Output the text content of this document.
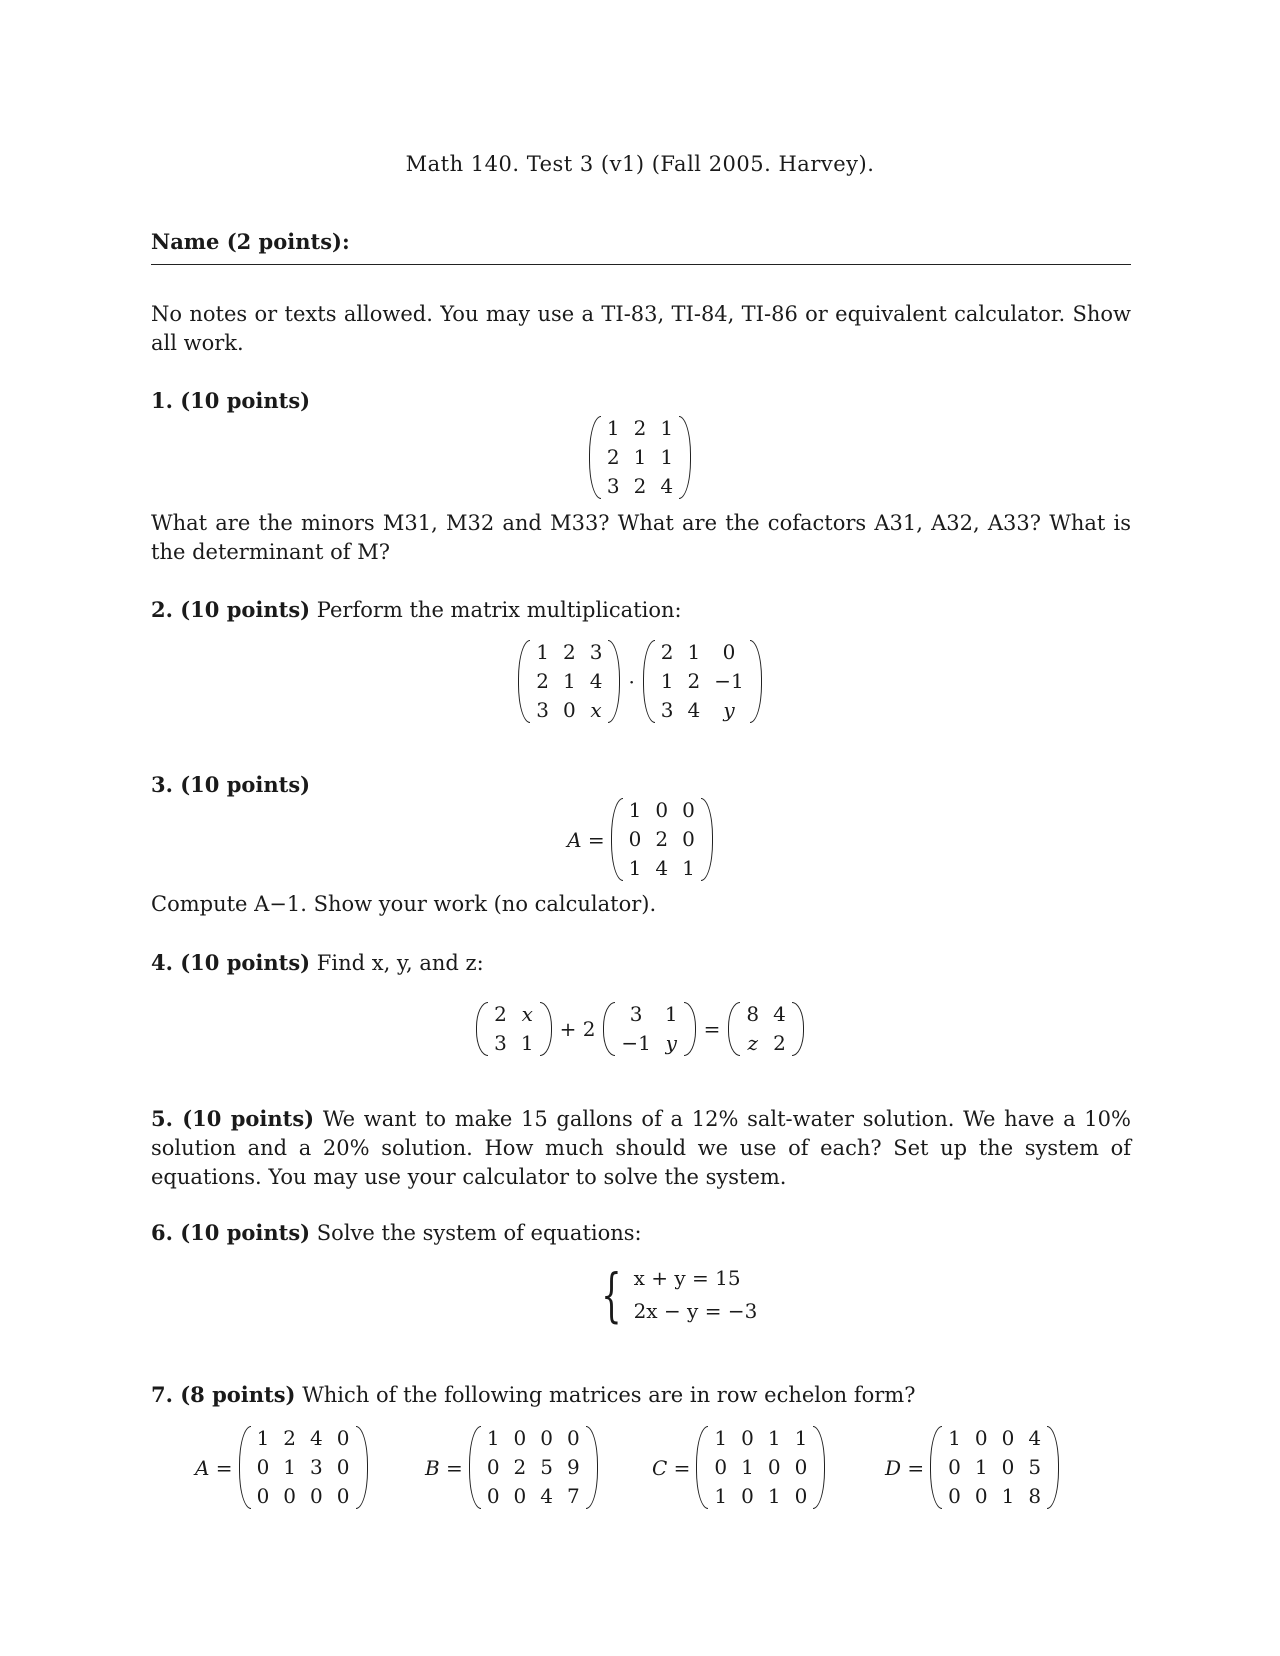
Math 140. Test 3 (v1) (Fall 2005. Harvey).
Name (2 points):
No notes or texts allowed. You may use a TI-83, TI-84, TI-86 or equivalent calculator. Show all work.
1. (10 points)
1	2	1
2	1	1
3	2	4
What are the minors M31, M32 and M33? What are the cofactors A31, A32, A33? What is the determinant of M?
2. (10 points) Perform the matrix multiplication:
1	2	3
2	1	4
3	0	x
·
2	1	0
1	2	−1
3	4	y
3. (10 points)
A =
1	0	0
0	2	0
1	4	1
Compute A−1. Show your work (no calculator).
4. (10 points) Find x, y, and z:
2	x
3	1
+ 2
3	1
−1	y
=
8	4
z	2
5. (10 points) We want to make 15 gallons of a 12% salt-water solution. We have a 10% solution and a 20% solution. How much should we use of each? Set up the system of equations. You may use your calculator to solve the system.
6. (10 points) Solve the system of equations:
{ x + y = 15
2x − y = −3
7. (8 points) Which of the following matrices are in row echelon form?
A =
1	2	4	0
0	1	3	0
0	0	0	0
B =
1	0	0	0
0	2	5	9
0	0	4	7
C =
1	0	1	1
0	1	0	0
1	0	1	0
D =
1	0	0	4
0	1	0	5
0	0	1	8
